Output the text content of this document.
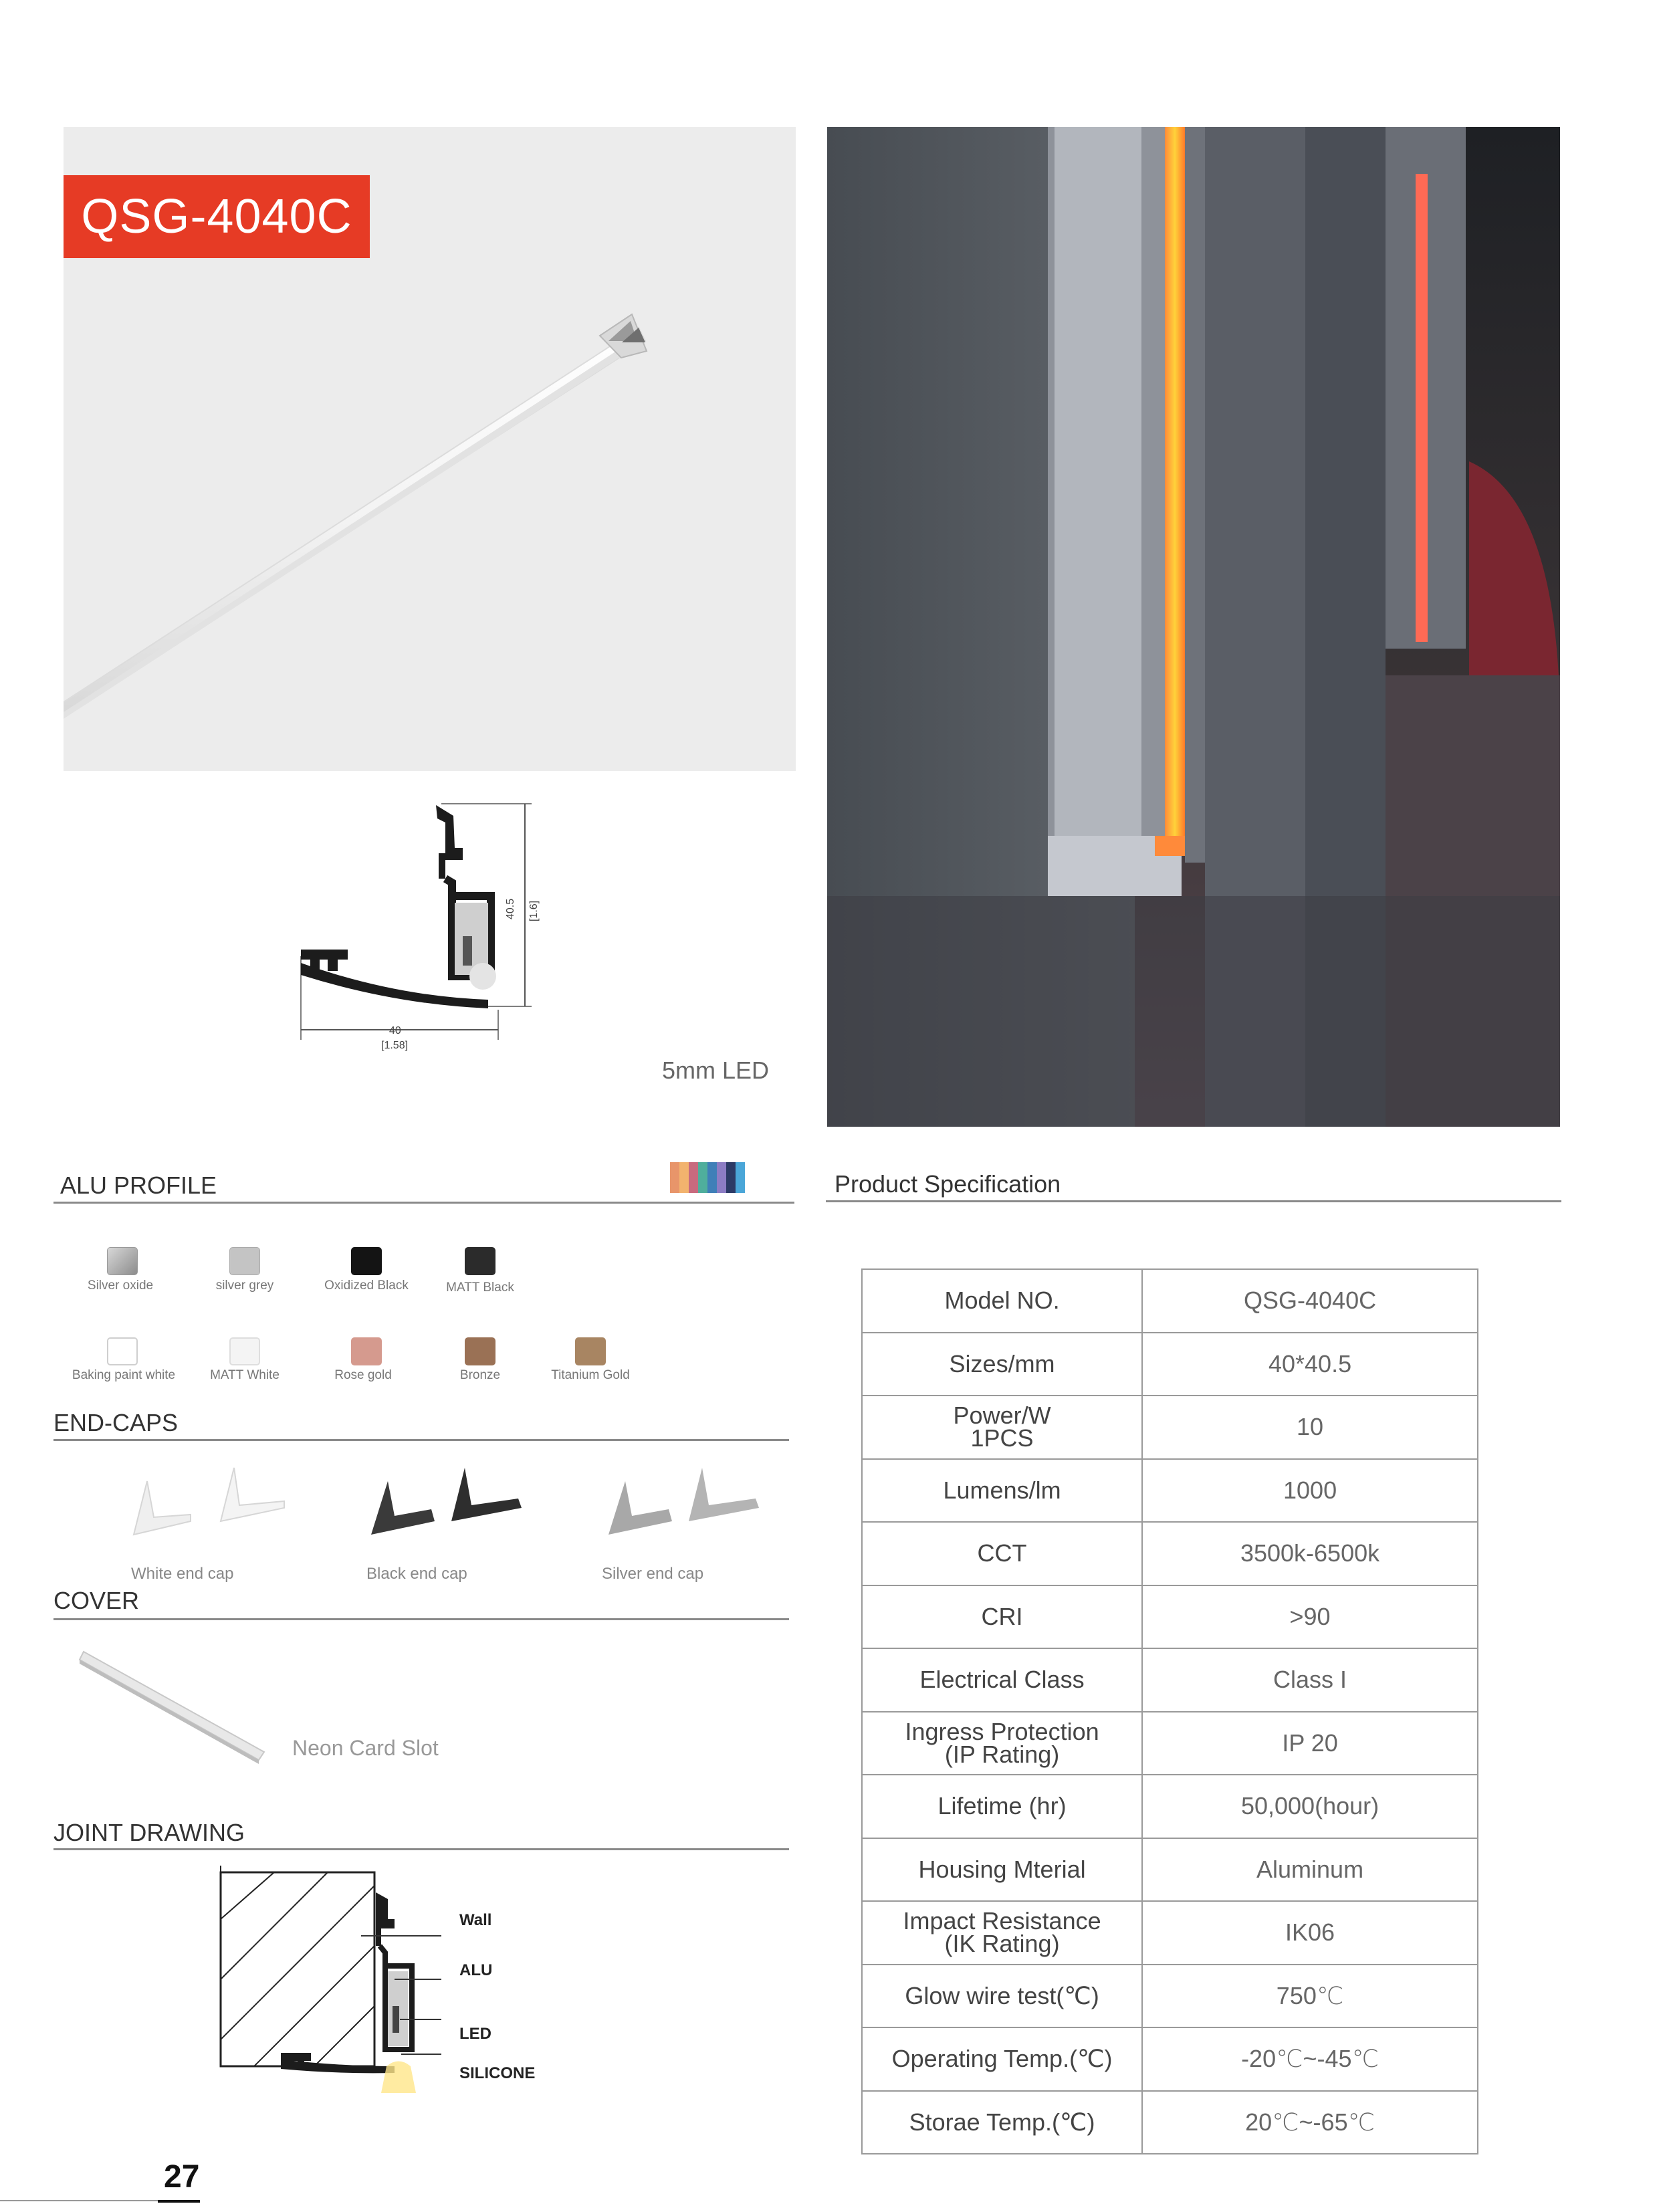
QSG-4040C
40
[1.58]
40.5 [1.6]
5mm LED
ALU PROFILE
Silver oxide	silver grey	Oxidized Black	MATT Black
Baking paint white	MATT White	Rose gold	Bronze	Titanium Gold
END-CAPS
White end cap	Black end cap	Silver end cap
COVER
Neon Card Slot
JOINT DRAWING
Wall
ALU
LED
SILICONE
Product Specification
Model NO.	QSG-4040C
Sizes/mm	40*40.5
Power/W
1PCS	10
Lumens/lm	1000
CCT	3500k-6500k
CRI	>90
Electrical Class	Class I
Ingress Protection
(IP Rating)	IP 20
Lifetime (hr)	50,000(hour)
Housing Mterial	Aluminum
Impact Resistance
(IK Rating)	IK06
Glow wire test(℃)	750℃
Operating Temp.(℃)	-20℃~-45℃
Storae Temp.(℃)	20℃~-65℃
27
